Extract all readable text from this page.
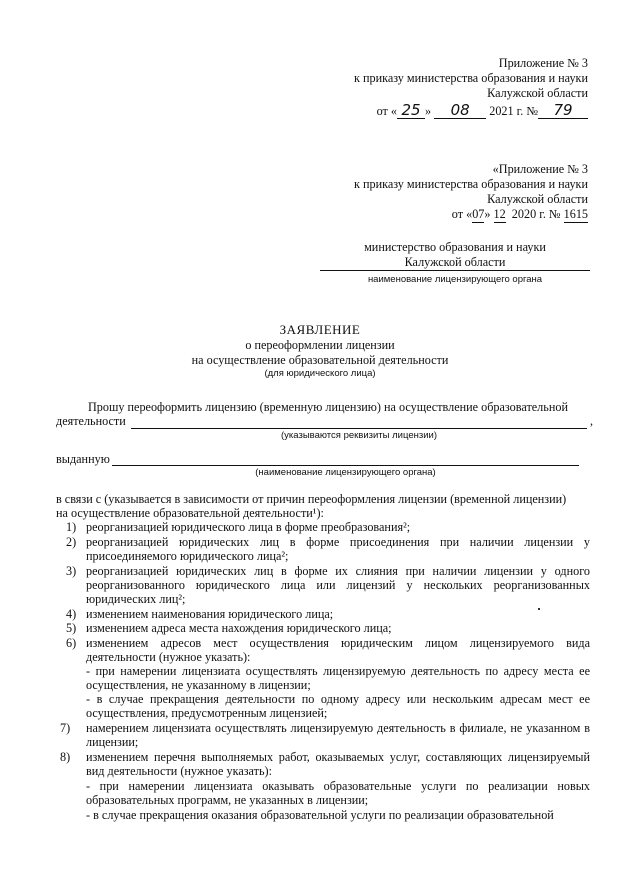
Приложение № 3
к приказу министерства образования и науки
Калужской области
от « 25 » 08 2021 г. № 79
«Приложение № 3
к приказу министерства образования и науки
Калужской области
от «07» 12 2020 г. № 1615
министерство образования и науки
Калужской области
наименование лицензирующего органа
ЗАЯВЛЕНИЕ
о переоформлении лицензии
на осуществление образовательной деятельности
(для юридического лица)
Прошу переоформить лицензию (временную лицензию) на осуществление образовательной
деятельности	,
(указываются реквизиты лицензии)
выданную
(наименование лицензирующего органа)
в связи с (указывается в зависимости от причин переоформления лицензии (временной лицензии)
на осуществление образовательной деятельности¹):
1) реорганизацией юридического лица в форме преобразования²;
2) реорганизацией юридических лиц в форме присоединения при наличии лицензии у присоединяемого юридического лица²;
3) реорганизацией юридических лиц в форме их слияния при наличии лицензии у одного реорганизованного юридического лица или лицензий у нескольких реорганизованных юридических лиц²;
4) изменением наименования юридического лица;
5) изменением адреса места нахождения юридического лица;
6) изменением адресов мест осуществления юридическим лицом лицензируемого вида деятельности (нужное указать):
- при намерении лицензиата осуществлять лицензируемую деятельность по адресу места ее осуществления, не указанному в лицензии;
- в случае прекращения деятельности по одному адресу или нескольким адресам мест ее осуществления, предусмотренным лицензией;
7) намерением лицензиата осуществлять лицензируемую деятельность в филиале, не указанном в лицензии;
8) изменением перечня выполняемых работ, оказываемых услуг, составляющих лицензируемый вид деятельности (нужное указать):
- при намерении лицензиата оказывать образовательные услуги по реализации новых образовательных программ, не указанных в лицензии;
- в случае прекращения оказания образовательной услуги по реализации образовательной
